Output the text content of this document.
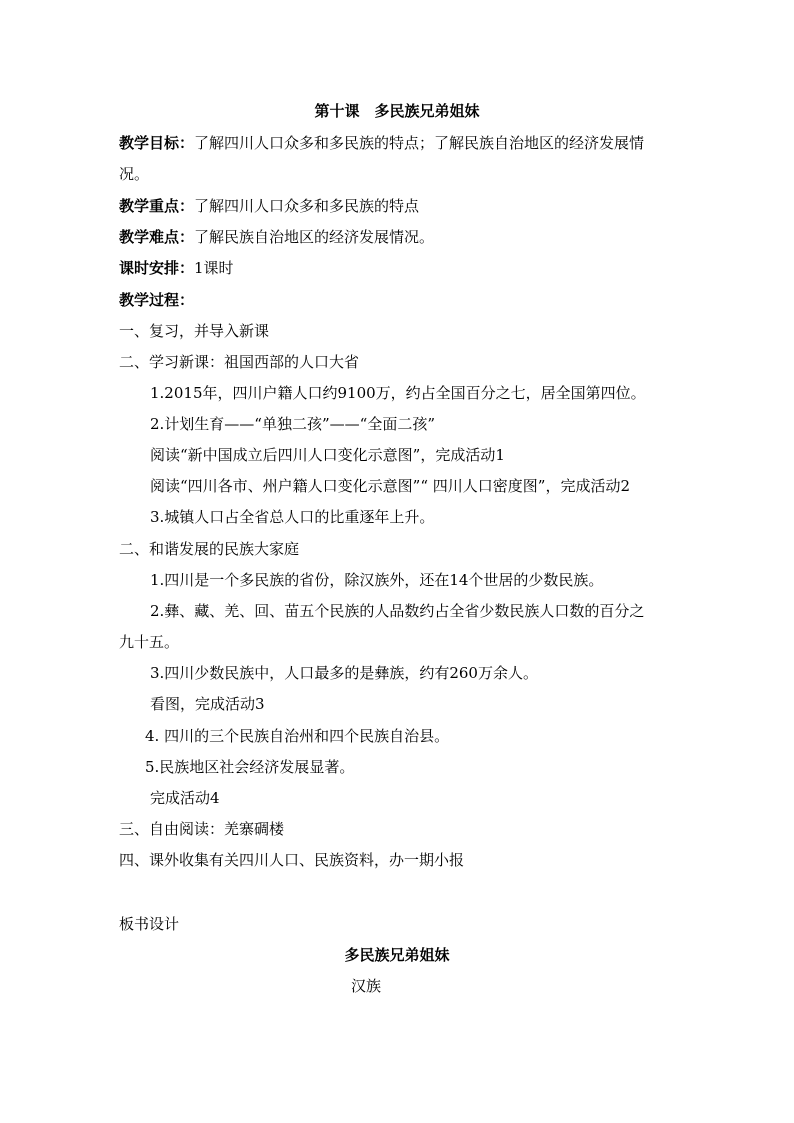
第十课　多民族兄弟姐妹
教学目标：了解四川人口众多和多民族的特点；了解民族自治地区的经济发展情
况。
教学重点：了解四川人口众多和多民族的特点
教学难点：了解民族自治地区的经济发展情况。
课时安排：1课时
教学过程：
一、复习，并导入新课
二、学习新课：祖国西部的人口大省
1.2015年，四川户籍人口约9100万，约占全国百分之七，居全国第四位。
2.计划生育——“单独二孩”——“全面二孩”
阅读“新中国成立后四川人口变化示意图”，完成活动1
阅读“四川各市、州户籍人口变化示意图”“ 四川人口密度图”，完成活动2
3.城镇人口占全省总人口的比重逐年上升。
二、和谐发展的民族大家庭
1.四川是一个多民族的省份，除汉族外，还在14个世居的少数民族。
2.彝、藏、羌、回、苗五个民族的人品数约占全省少数民族人口数的百分之
九十五。
3.四川少数民族中，人口最多的是彝族，约有260万余人。
看图，完成活动3
4. 四川的三个民族自治州和四个民族自治县。
5.民族地区社会经济发展显著。
完成活动4
三、自由阅读：羌寨碉楼
四、课外收集有关四川人口、民族资料，办一期小报
板书设计
多民族兄弟姐妹
汉族
